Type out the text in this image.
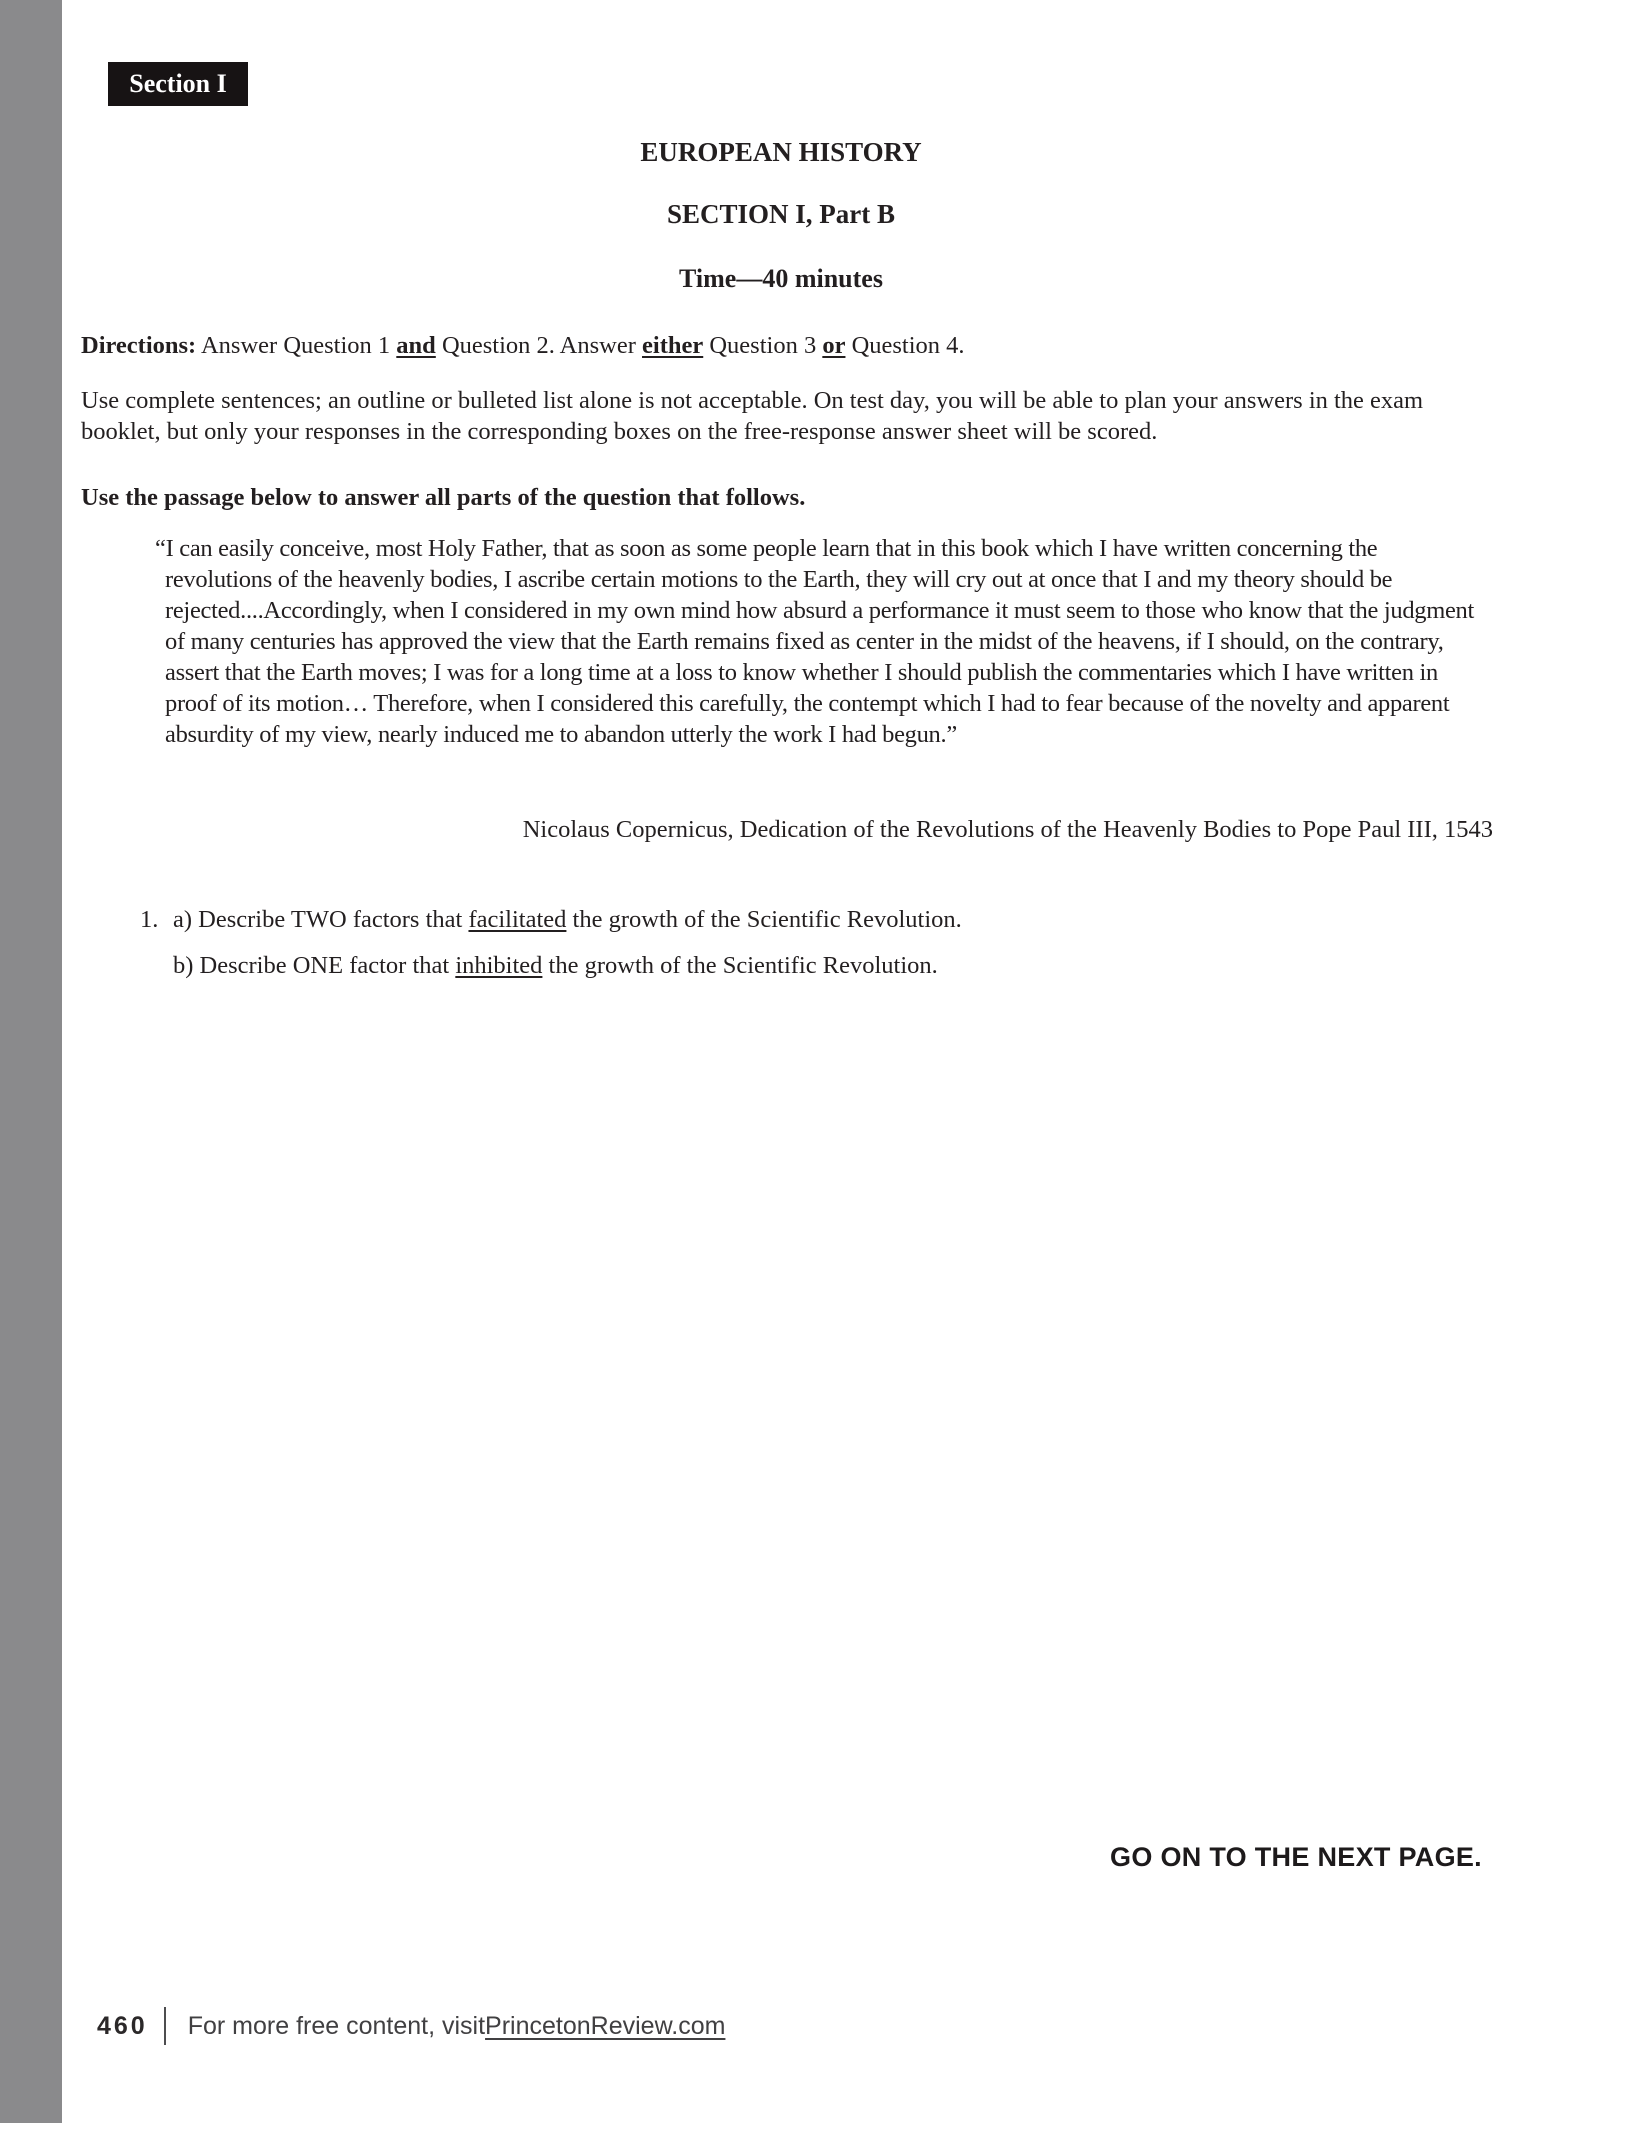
Section I

EUROPEAN HISTORY

SECTION I, Part B

Time—40 minutes

Directions: Answer Question 1 and Question 2. Answer either Question 3 or Question 4.

Use complete sentences; an outline or bulleted list alone is not acceptable. On test day, you will be able to plan your answers in the exam booklet, but only your responses in the corresponding boxes on the free-response answer sheet will be scored.

Use the passage below to answer all parts of the question that follows.

“I can easily conceive, most Holy Father, that as soon as some people learn that in this book which I have written concerning the revolutions of the heavenly bodies, I ascribe certain motions to the Earth, they will cry out at once that I and my theory should be rejected....Accordingly, when I considered in my own mind how absurd a performance it must seem to those who know that the judgment of many centuries has approved the view that the Earth remains fixed as center in the midst of the heavens, if I should, on the contrary, assert that the Earth moves; I was for a long time at a loss to know whether I should publish the commentaries which I have written in proof of its motion… Therefore, when I considered this carefully, the contempt which I had to fear because of the novelty and apparent absurdity of my view, nearly induced me to abandon utterly the work I had begun.”

Nicolaus Copernicus, Dedication of the Revolutions of the Heavenly Bodies to Pope Paul III, 1543

1. a) Describe TWO factors that facilitated the growth of the Scientific Revolution.
b) Describe ONE factor that inhibited the growth of the Scientific Revolution.
GO ON TO THE NEXT PAGE.
460 For more free content, visit PrincetonReview.com
